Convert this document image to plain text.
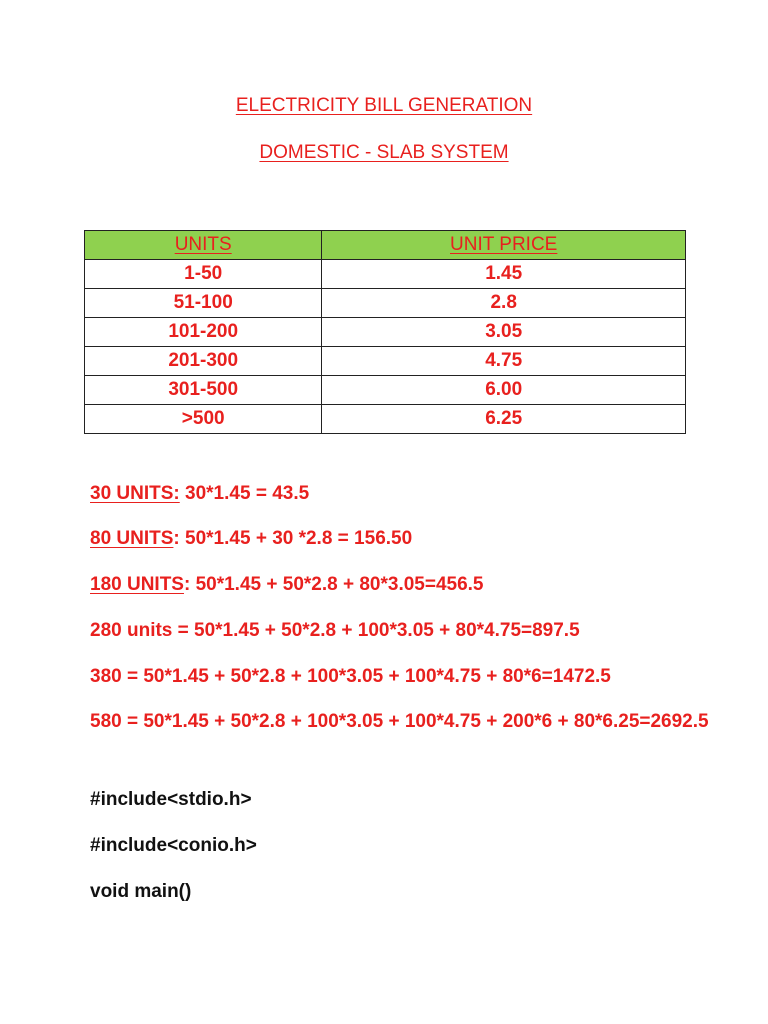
ELECTRICITY BILL GENERATION
DOMESTIC - SLAB SYSTEM
UNITS	UNIT PRICE
1-50	1.45
51-100	2.8
101-200	3.05
201-300	4.75
301-500	6.00
>500	6.25
30 UNITS: 30*1.45 = 43.5
80 UNITS: 50*1.45 + 30 *2.8 = 156.50
180 UNITS: 50*1.45 + 50*2.8 + 80*3.05=456.5
280 units = 50*1.45 + 50*2.8 + 100*3.05 + 80*4.75=897.5
380 = 50*1.45 + 50*2.8 + 100*3.05 + 100*4.75 + 80*6=1472.5
580 = 50*1.45 + 50*2.8 + 100*3.05 + 100*4.75 + 200*6 + 80*6.25=2692.5
#include<stdio.h>
#include<conio.h>
void main()
